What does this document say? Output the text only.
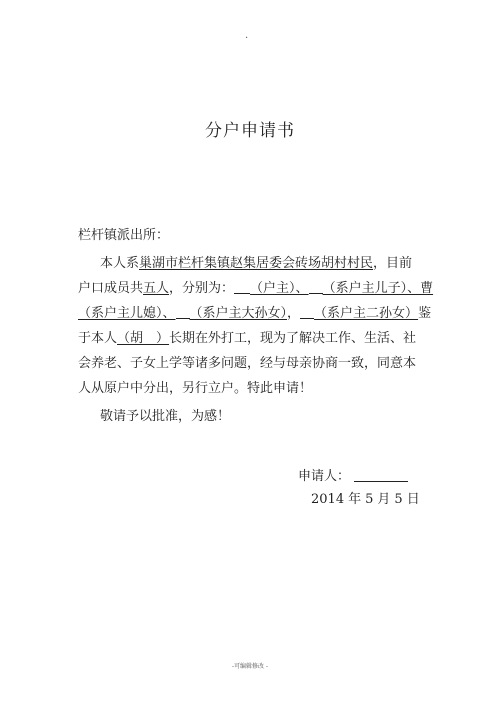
.
分户申请书
栏杆镇派出所：
本人系巢湖市栏杆集镇赵集居委会砖场胡村村民，目前
户口成员共五人，分别为： （户主）、 （系户主儿子）、曹
（系户主儿媳）、 （系户主大孙女）， （系户主二孙女）鉴
于本人（胡　）长期在外打工，现为了解决工作、生活、社
会养老、子女上学等诸多问题，经与母亲协商一致，同意本
人从原户中分出，另行立户。特此申请！
敬请予以批准，为感！
申请人：
2014 年 5 月 5 日
-可编辑修改 -
